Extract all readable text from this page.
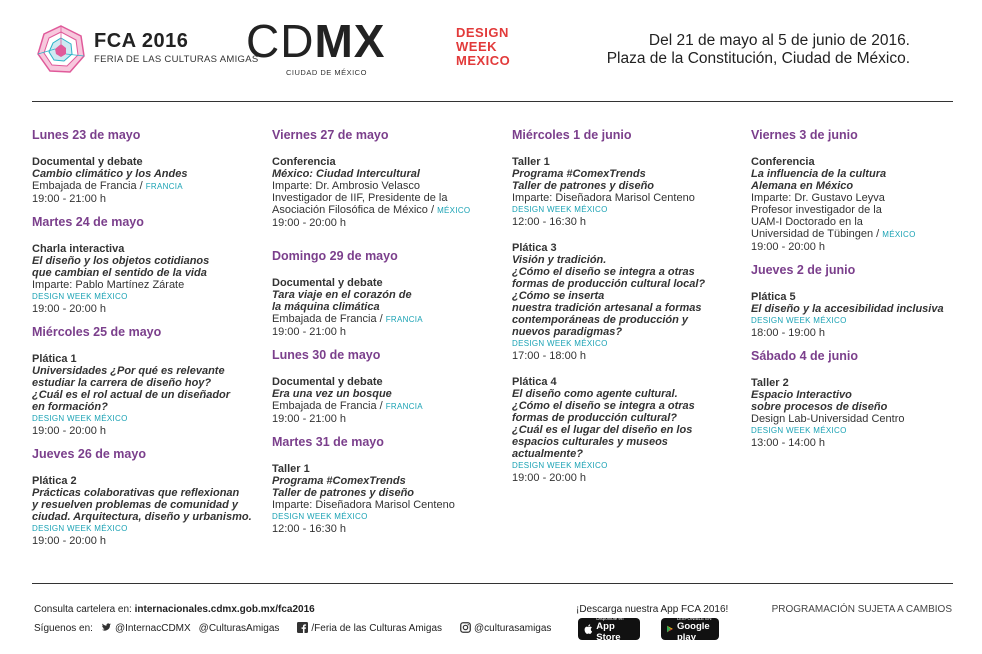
FCA 2016
FERIA DE LAS CULTURAS AMIGAS
CDMX
CIUDAD DE MÉXICO
DESIGN
WEEK
MEXICO
Del 21 de mayo al 5 de junio de 2016.
Plaza de la Constitución, Ciudad de México.
Lunes 23 de mayo
Documental y debate
Cambio climático y los Andes
Embajada de Francia / FRANCIA
19:00 - 21:00 h
Martes 24 de mayo
Charla interactiva
El diseño y los objetos cotidianos
que cambian el sentido de la vida
Imparte: Pablo Martínez Zárate
DESIGN WEEK MÉXICO
19:00 - 20:00 h
Miércoles 25 de mayo
Plática 1
Universidades ¿Por qué es relevante
estudiar la carrera de diseño hoy?
¿Cuál es el rol actual de un diseñador
en formación?
DESIGN WEEK MÉXICO
19:00 - 20:00 h
Jueves 26 de mayo
Plática 2
Prácticas colaborativas que reflexionan
y resuelven problemas de comunidad y
ciudad. Arquitectura, diseño y urbanismo.
DESIGN WEEK MÉXICO
19:00 - 20:00 h
Viernes 27 de mayo
Conferencia
México: Ciudad Intercultural
Imparte: Dr. Ambrosio Velasco
Investigador de IIF, Presidente de la
Asociación Filosófica de México / MÉXICO
19:00 - 20:00 h
Domingo 29 de mayo
Documental y debate
Tara viaje en el corazón de
la máquina climática
Embajada de Francia / FRANCIA
19:00 - 21:00 h
Lunes 30 de mayo
Documental y debate
Era una vez un bosque
Embajada de Francia / FRANCIA
19:00 - 21:00 h
Martes 31 de mayo
Taller 1
Programa #ComexTrends
Taller de patrones y diseño
Imparte: Diseñadora Marisol Centeno
DESIGN WEEK MÉXICO
12:00 - 16:30 h
Miércoles 1 de junio
Taller 1
Programa #ComexTrends
Taller de patrones y diseño
Imparte: Diseñadora Marisol Centeno
DESIGN WEEK MÉXICO
12:00 - 16:30 h
Plática 3
Visión y tradición.
¿Cómo el diseño se integra a otras
formas de producción cultural local?
¿Cómo se inserta
nuestra tradición artesanal a formas
contemporáneas de producción y
nuevos paradigmas?
DESIGN WEEK MÉXICO
17:00 - 18:00 h
Plática 4
El diseño como agente cultural.
¿Cómo el diseño se integra a otras
formas de producción cultural?
¿Cuál es el lugar del diseño en los
espacios culturales y museos
actualmente?
DESIGN WEEK MÉXICO
19:00 - 20:00 h
Viernes 3 de junio
Conferencia
La influencia de la cultura
Alemana en México
Imparte: Dr. Gustavo Leyva
Profesor investigador de la
UAM-I Doctorado en la
Universidad de Tübingen / MÉXICO
19:00 - 20:00 h
Jueves 2 de junio
Plática 5
El diseño y la accesibilidad inclusiva
DESIGN WEEK MÉXICO
18:00 - 19:00 h
Sábado 4 de junio
Taller 2
Espacio Interactivo
sobre procesos de diseño
Design Lab-Universidad Centro
DESIGN WEEK MÉXICO
13:00 - 14:00 h
Consulta cartelera en: internacionales.cdmx.gob.mx/fca2016
Síguenos en:	@InternacCDMX @CulturasAmigas	/Feria de las Culturas Amigas	@culturasamigas
¡Descarga nuestra App FCA 2016!
Disponible en
App Store
DISPONIBLE EN
Google play
PROGRAMACIÓN SUJETA A CAMBIOS
